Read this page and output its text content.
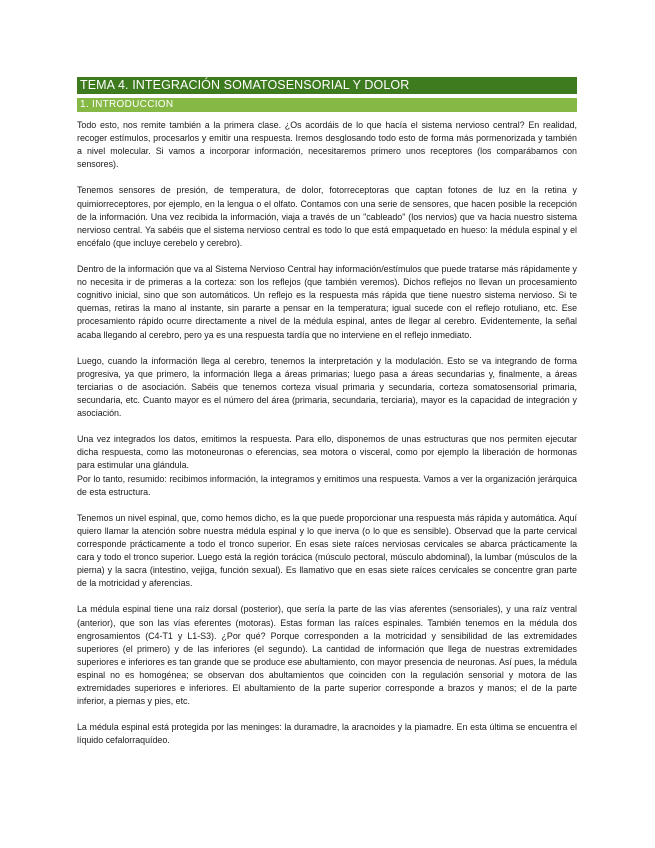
TEMA 4. INTEGRACIÓN SOMATOSENSORIAL Y DOLOR
1. INTRODUCCION

Todo esto, nos remite también a la primera clase. ¿Os acordáis de lo que hacía el sistema nervioso central? En realidad, recoger estímulos, procesarlos y emitir una respuesta. Iremos desglosando todo esto de forma más pormenorizada y también a nivel molecular. Si vamos a incorporar información, necesitaremos primero unos receptores (los comparábamos con sensores).

Tenemos sensores de presión, de temperatura, de dolor, fotorreceptoras que captan fotones de luz en la retina y quimiorreceptores, por ejemplo, en la lengua o el olfato. Contamos con una serie de sensores, que hacen posible la recepción de la información. Una vez recibida la información, viaja a través de un "cableado" (los nervios) que va hacia nuestro sistema nervioso central. Ya sabéis que el sistema nervioso central es todo lo que está empaquetado en hueso: la médula espinal y el encéfalo (que incluye cerebelo y cerebro).

Dentro de la información que va al Sistema Nervioso Central hay información/estímulos que puede tratarse más rápidamente y no necesita ir de primeras a la corteza: son los reflejos (que también veremos). Dichos reflejos no llevan un procesamiento cognitivo inicial, sino que son automáticos. Un reflejo es la respuesta más rápida que tiene nuestro sistema nervioso. Si te quemas, retiras la mano al instante, sin pararte a pensar en la temperatura; igual sucede con el reflejo rotuliano, etc. Ese procesamiento rápido ocurre directamente a nivel de la médula espinal, antes de llegar al cerebro. Evidentemente, la señal acaba llegando al cerebro, pero ya es una respuesta tardía que no interviene en el reflejo inmediato.

Luego, cuando la información llega al cerebro, tenemos la interpretación y la modulación. Esto se va integrando de forma progresiva, ya que primero, la información llega a áreas primarias; luego pasa a áreas secundarias y, finalmente, a áreas terciarias o de asociación. Sabéis que tenemos corteza visual primaria y secundaria, corteza somatosensorial primaria, secundaria, etc. Cuanto mayor es el número del área (primaria, secundaria, terciaria), mayor es la capacidad de integración y asociación.

Una vez integrados los datos, emitimos la respuesta. Para ello, disponemos de unas estructuras que nos permiten ejecutar dicha respuesta, como las motoneuronas o eferencias, sea motora o visceral, como por ejemplo la liberación de hormonas para estimular una glándula.

Por lo tanto, resumido: recibimos información, la integramos y emitimos una respuesta. Vamos a ver la organización jerárquica de esta estructura.

Tenemos un nivel espinal, que, como hemos dicho, es la que puede proporcionar una respuesta más rápida y automática. Aquí quiero llamar la atención sobre nuestra médula espinal y lo que inerva (o lo que es sensible). Observad que la parte cervical corresponde prácticamente a todo el tronco superior. En esas siete raíces nerviosas cervicales se abarca prácticamente la cara y todo el tronco superior. Luego está la región torácica (músculo pectoral, músculo abdominal), la lumbar (músculos de la pierna) y la sacra (intestino, vejiga, función sexual). Es llamativo que en esas siete raíces cervicales se concentre gran parte de la motricidad y aferencias.

La médula espinal tiene una raíz dorsal (posterior), que sería la parte de las vías aferentes (sensoriales), y una raíz ventral (anterior), que son las vías eferentes (motoras). Estas forman las raíces espinales. También tenemos en la médula dos engrosamientos (C4-T1 y L1-S3). ¿Por qué? Porque corresponden a la motricidad y sensibilidad de las extremidades superiores (el primero) y de las inferiores (el segundo). La cantidad de información que llega de nuestras extremidades superiores e inferiores es tan grande que se produce ese abultamiento, con mayor presencia de neuronas. Así pues, la médula espinal no es homogénea; se observan dos abultamientos que coinciden con la regulación sensorial y motora de las extremidades superiores e inferiores. El abultamiento de la parte superior corresponde a brazos y manos; el de la parte inferior, a piernas y pies, etc.

La médula espinal está protegida por las meninges: la duramadre, la aracnoides y la piamadre. En esta última se encuentra el líquido cefalorraquídeo.
